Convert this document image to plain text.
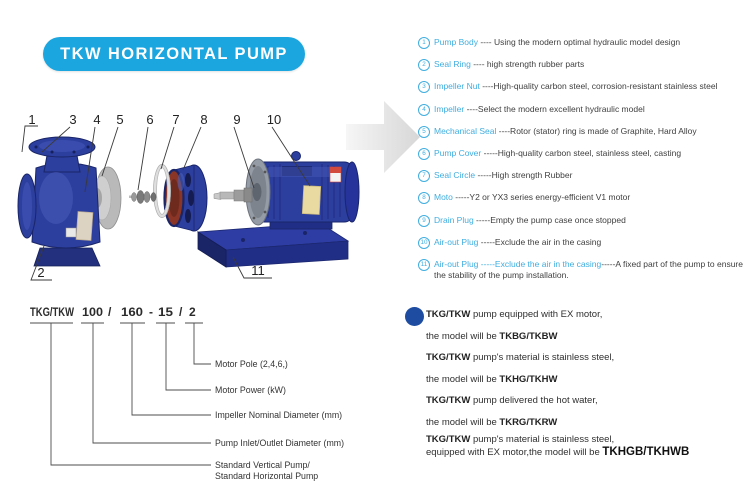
TKW HORIZONTAL PUMP
1	3 4 5 6 7 8 9 10
2	11
1 Pump Body ---- Using the modern optimal hydraulic model design
2 Seal Ring ---- high strength rubber parts
3 Impeller Nut ----High-quality carbon steel, corrosion-resistant stainless steel
4 Impeller ----Select the modern excellent hydraulic model
5 Mechanical Seal ----Rotor (stator) ring is made of Graphite, Hard Alloy
6 Pump Cover -----High-quality carbon steel, stainless steel, casting
7 Seal Circle -----High strength Rubber
8 Moto -----Y2 or YX3 series energy-efficient V1 motor
9 Drain Plug -----Empty the pump case once stopped
10 Air-out Plug -----Exclude the air in the casing
11 Air-out Plug -----Exclude the air in the casing-----A fixed part of the pump to ensure the stability of the pump installation.
TKG/TKW 100 / 160 - 15 / 2
Motor Pole (2,4,6,)
Motor Power (kW)
Impeller Nominal Diameter (mm)
Pump Inlet/Outlet Diameter (mm)
Standard Vertical Pump/
Standard Horizontal Pump
TKG/TKW pump equipped with EX motor,
the model will be TKBG/TKBW
TKG/TKW pump's material is stainless steel,
the model will be TKHG/TKHW
TKG/TKW pump delivered the hot water,
the model will be TKRG/TKRW
TKG/TKW pump's material is stainless steel,
equipped with EX motor,the model will be TKHGB/TKHWB
